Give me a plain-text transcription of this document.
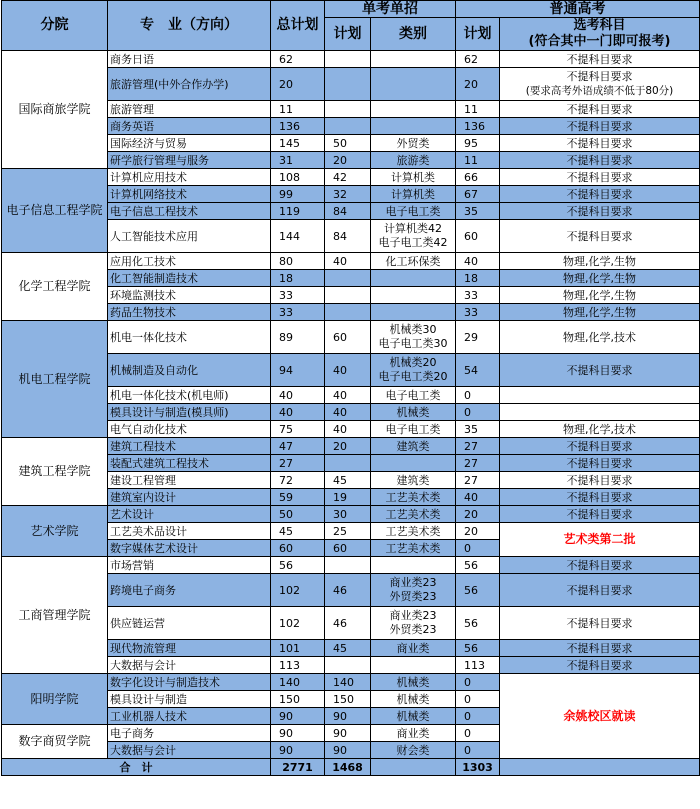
分院	专　业（方向）	总计划	单考单招		普通高考	
			计划	类别	计划	选考科目
(符合其中一门即可报考)
国际商旅学院	商务日语	62			62	不提科目要求
	旅游管理(中外合作办学)	20			20	不提科目要求
(要求高考外语成绩不低于80分)
	旅游管理	11			11	不提科目要求
	商务英语	136			136	不提科目要求
	国际经济与贸易	145	50	外贸类	95	不提科目要求
	研学旅行管理与服务	31	20	旅游类	11	不提科目要求
电子信息工程学院	计算机应用技术	108	42	计算机类	66	不提科目要求
	计算机网络技术	99	32	计算机类	67	不提科目要求
	电子信息工程技术	119	84	电子电工类	35	不提科目要求
	人工智能技术应用	144	84	计算机类42
电子电工类42	60	不提科目要求
化学工程学院	应用化工技术	80	40	化工环保类	40	物理,化学,生物
	化工智能制造技术	18			18	物理,化学,生物
	环境监测技术	33			33	物理,化学,生物
	药品生物技术	33			33	物理,化学,生物
机电工程学院	机电一体化技术	89	60	机械类30
电子电工类30	29	物理,化学,技术
	机械制造及自动化	94	40	机械类20
电子电工类20	54	不提科目要求
	机电一体化技术(机电师)	40	40	电子电工类	0	
	模具设计与制造(模具师)	40	40	机械类	0	
	电气自动化技术	75	40	电子电工类	35	物理,化学,技术
建筑工程学院	建筑工程技术	47	20	建筑类	27	不提科目要求
	装配式建筑工程技术	27			27	不提科目要求
	建设工程管理	72	45	建筑类	27	不提科目要求
	建筑室内设计	59	19	工艺美术类	40	不提科目要求
艺术学院	艺术设计	50	30	工艺美术类	20	不提科目要求
	工艺美术品设计	45	25	工艺美术类	20	艺术类第二批
	数字媒体艺术设计	60	60	工艺美术类	0	
工商管理学院	市场营销	56			56	不提科目要求
	跨境电子商务	102	46	商业类23
外贸类23	56	不提科目要求
	供应链运营	102	46	商业类23
外贸类23	56	不提科目要求
	现代物流管理	101	45	商业类	56	不提科目要求
	大数据与会计	113			113	不提科目要求
阳明学院	数字化设计与制造技术	140	140	机械类	0	余姚校区就读
	模具设计与制造	150	150	机械类	0	
	工业机器人技术	90	90	机械类	0	
数字商贸学院	电子商务	90	90	商业类	0	
	大数据与会计	90	90	财会类	0	
合　计		2771	1468		1303	
